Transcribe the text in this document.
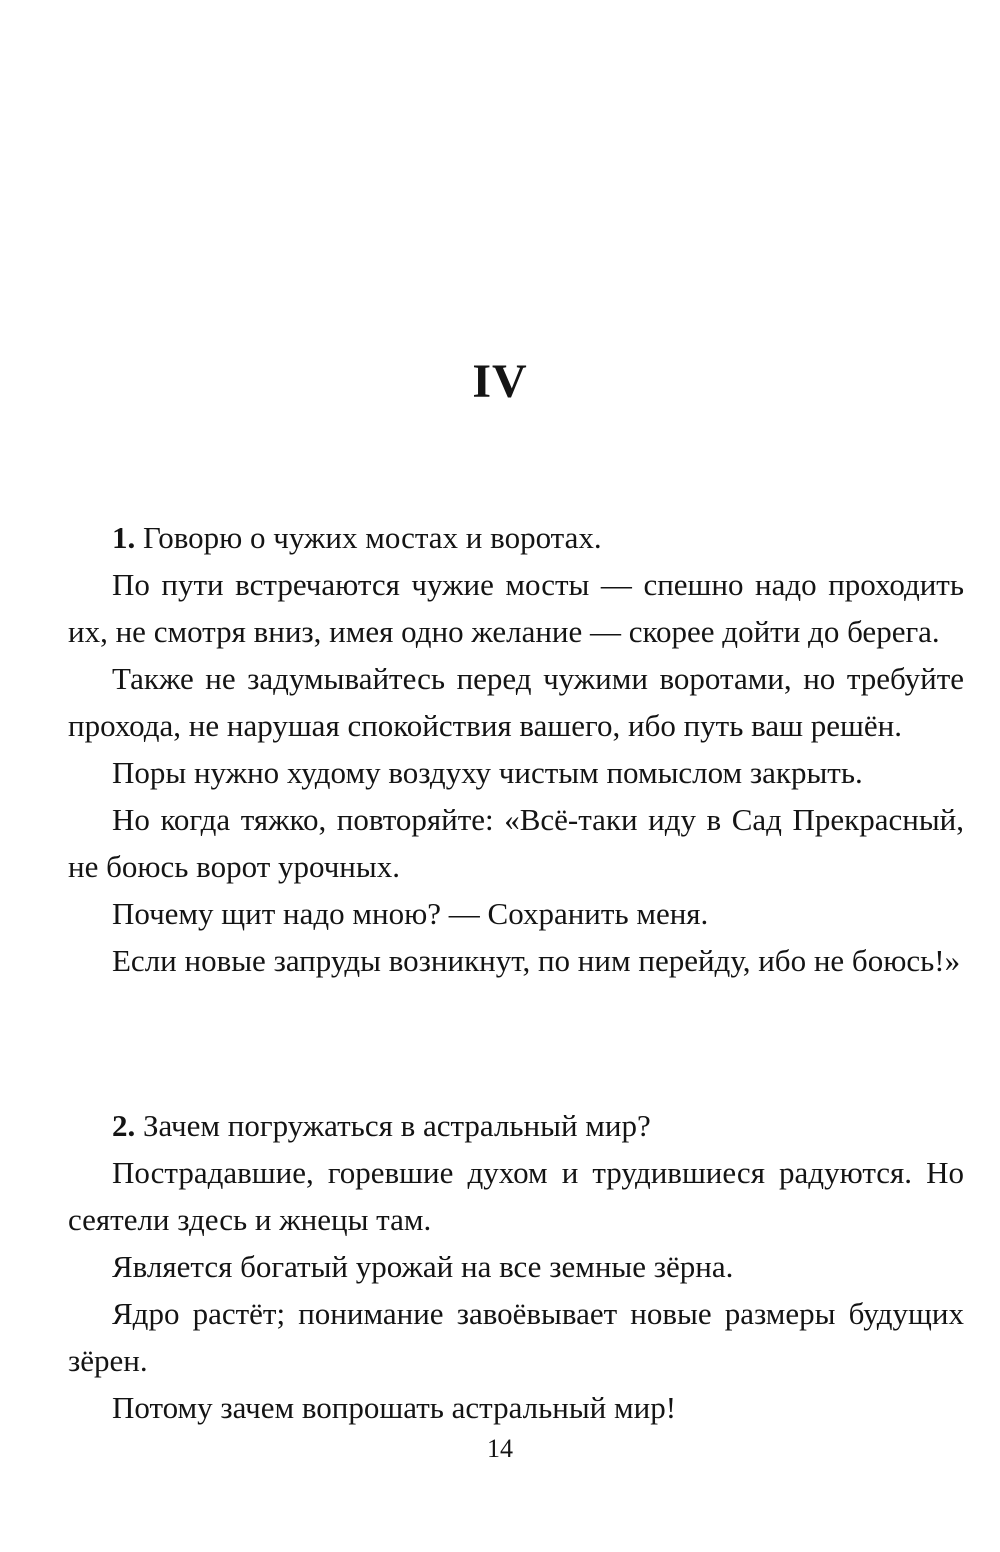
IV

1. Говорю о чужих мостах и воротах.

По пути встречаются чужие мосты — спешно надо проходить их, не смотря вниз, имея одно желание — скорее дойти до берега.

Также не задумывайтесь перед чужими воротами, но требуйте прохода, не нарушая спокойствия вашего, ибо путь ваш решён.

Поры нужно худому воздуху чистым помыслом закрыть.

Но когда тяжко, повторяйте: «Всё-таки иду в Сад Прекрасный, не боюсь ворот урочных.

Почему щит надо мною? — Сохранить меня.

Если новые запруды возникнут, по ним перейду, ибо не боюсь!»

2. Зачем погружаться в астральный мир?

Пострадавшие, горевшие духом и трудившиеся радуются. Но сеятели здесь и жнецы там.

Является богатый урожай на все земные зёрна.

Ядро растёт; понимание завоёвывает новые размеры будущих зёрен.

Потому зачем вопрошать астральный мир!

14
